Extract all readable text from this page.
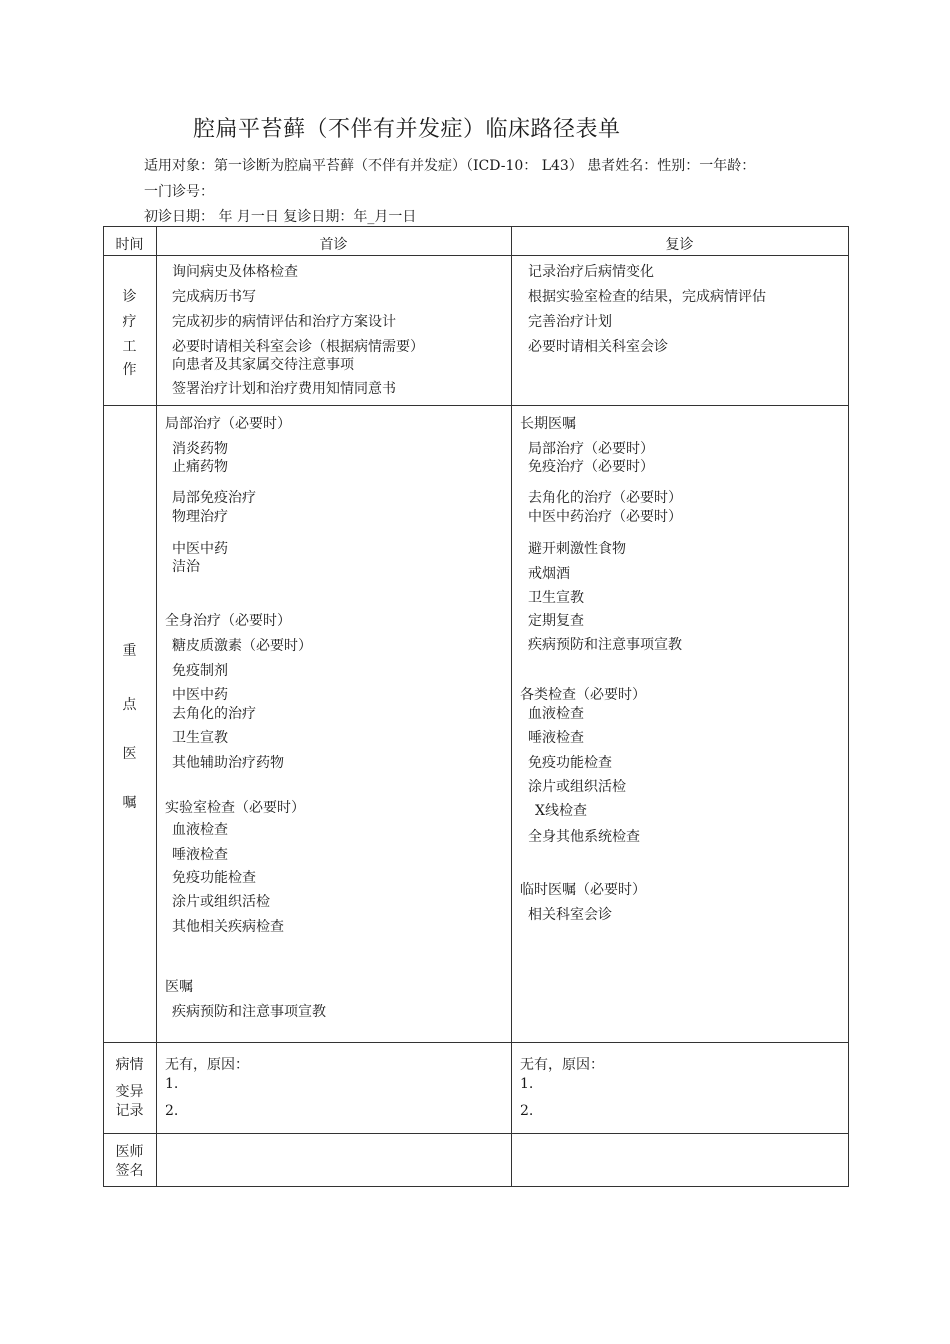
腔扁平苔藓（不伴有并发症）临床路径表单
适用对象：第一诊断为腔扁平苔藓（不伴有并发症）（ICD-10： L43） 患者姓名：性别：一年龄：
一门诊号：
初诊日期： 年 月一日 复诊日期：年_月一日
时间	首诊	复诊
诊
疗
工
作
询问病史及体格检查
完成病历书写
完成初步的病情评估和治疗方案设计
必要时请相关科室会诊（根据病情需要）
向患者及其家属交待注意事项
签署治疗计划和治疗费用知情同意书
记录治疗后病情变化
根据实验室检查的结果，完成病情评估
完善治疗计划
必要时请相关科室会诊
重
点
医
嘱
局部治疗（必要时）
消炎药物
止痛药物
局部免疫治疗
物理治疗
中医中药
洁治
全身治疗（必要时）
糖皮质激素（必要时）
免疫制剂
中医中药
去角化的治疗
卫生宣教
其他辅助治疗药物
实验室检查（必要时）
血液检查
唾液检查
免疫功能检查
涂片或组织活检
其他相关疾病检查
医嘱
疾病预防和注意事项宣教
长期医嘱
局部治疗（必要时）
免疫治疗（必要时）
去角化的治疗（必要时）
中医中药治疗（必要时）
避开刺激性食物
戒烟酒
卫生宣教
定期复查
疾病预防和注意事项宣教
各类检查（必要时）
血液检查
唾液检查
免疫功能检查
涂片或组织活检
X线检查
全身其他系统检查
临时医嘱（必要时）
相关科室会诊
病情
变异
记录
无有，原因：
1.
2.
无有，原因：
1.
2.
医师
签名
